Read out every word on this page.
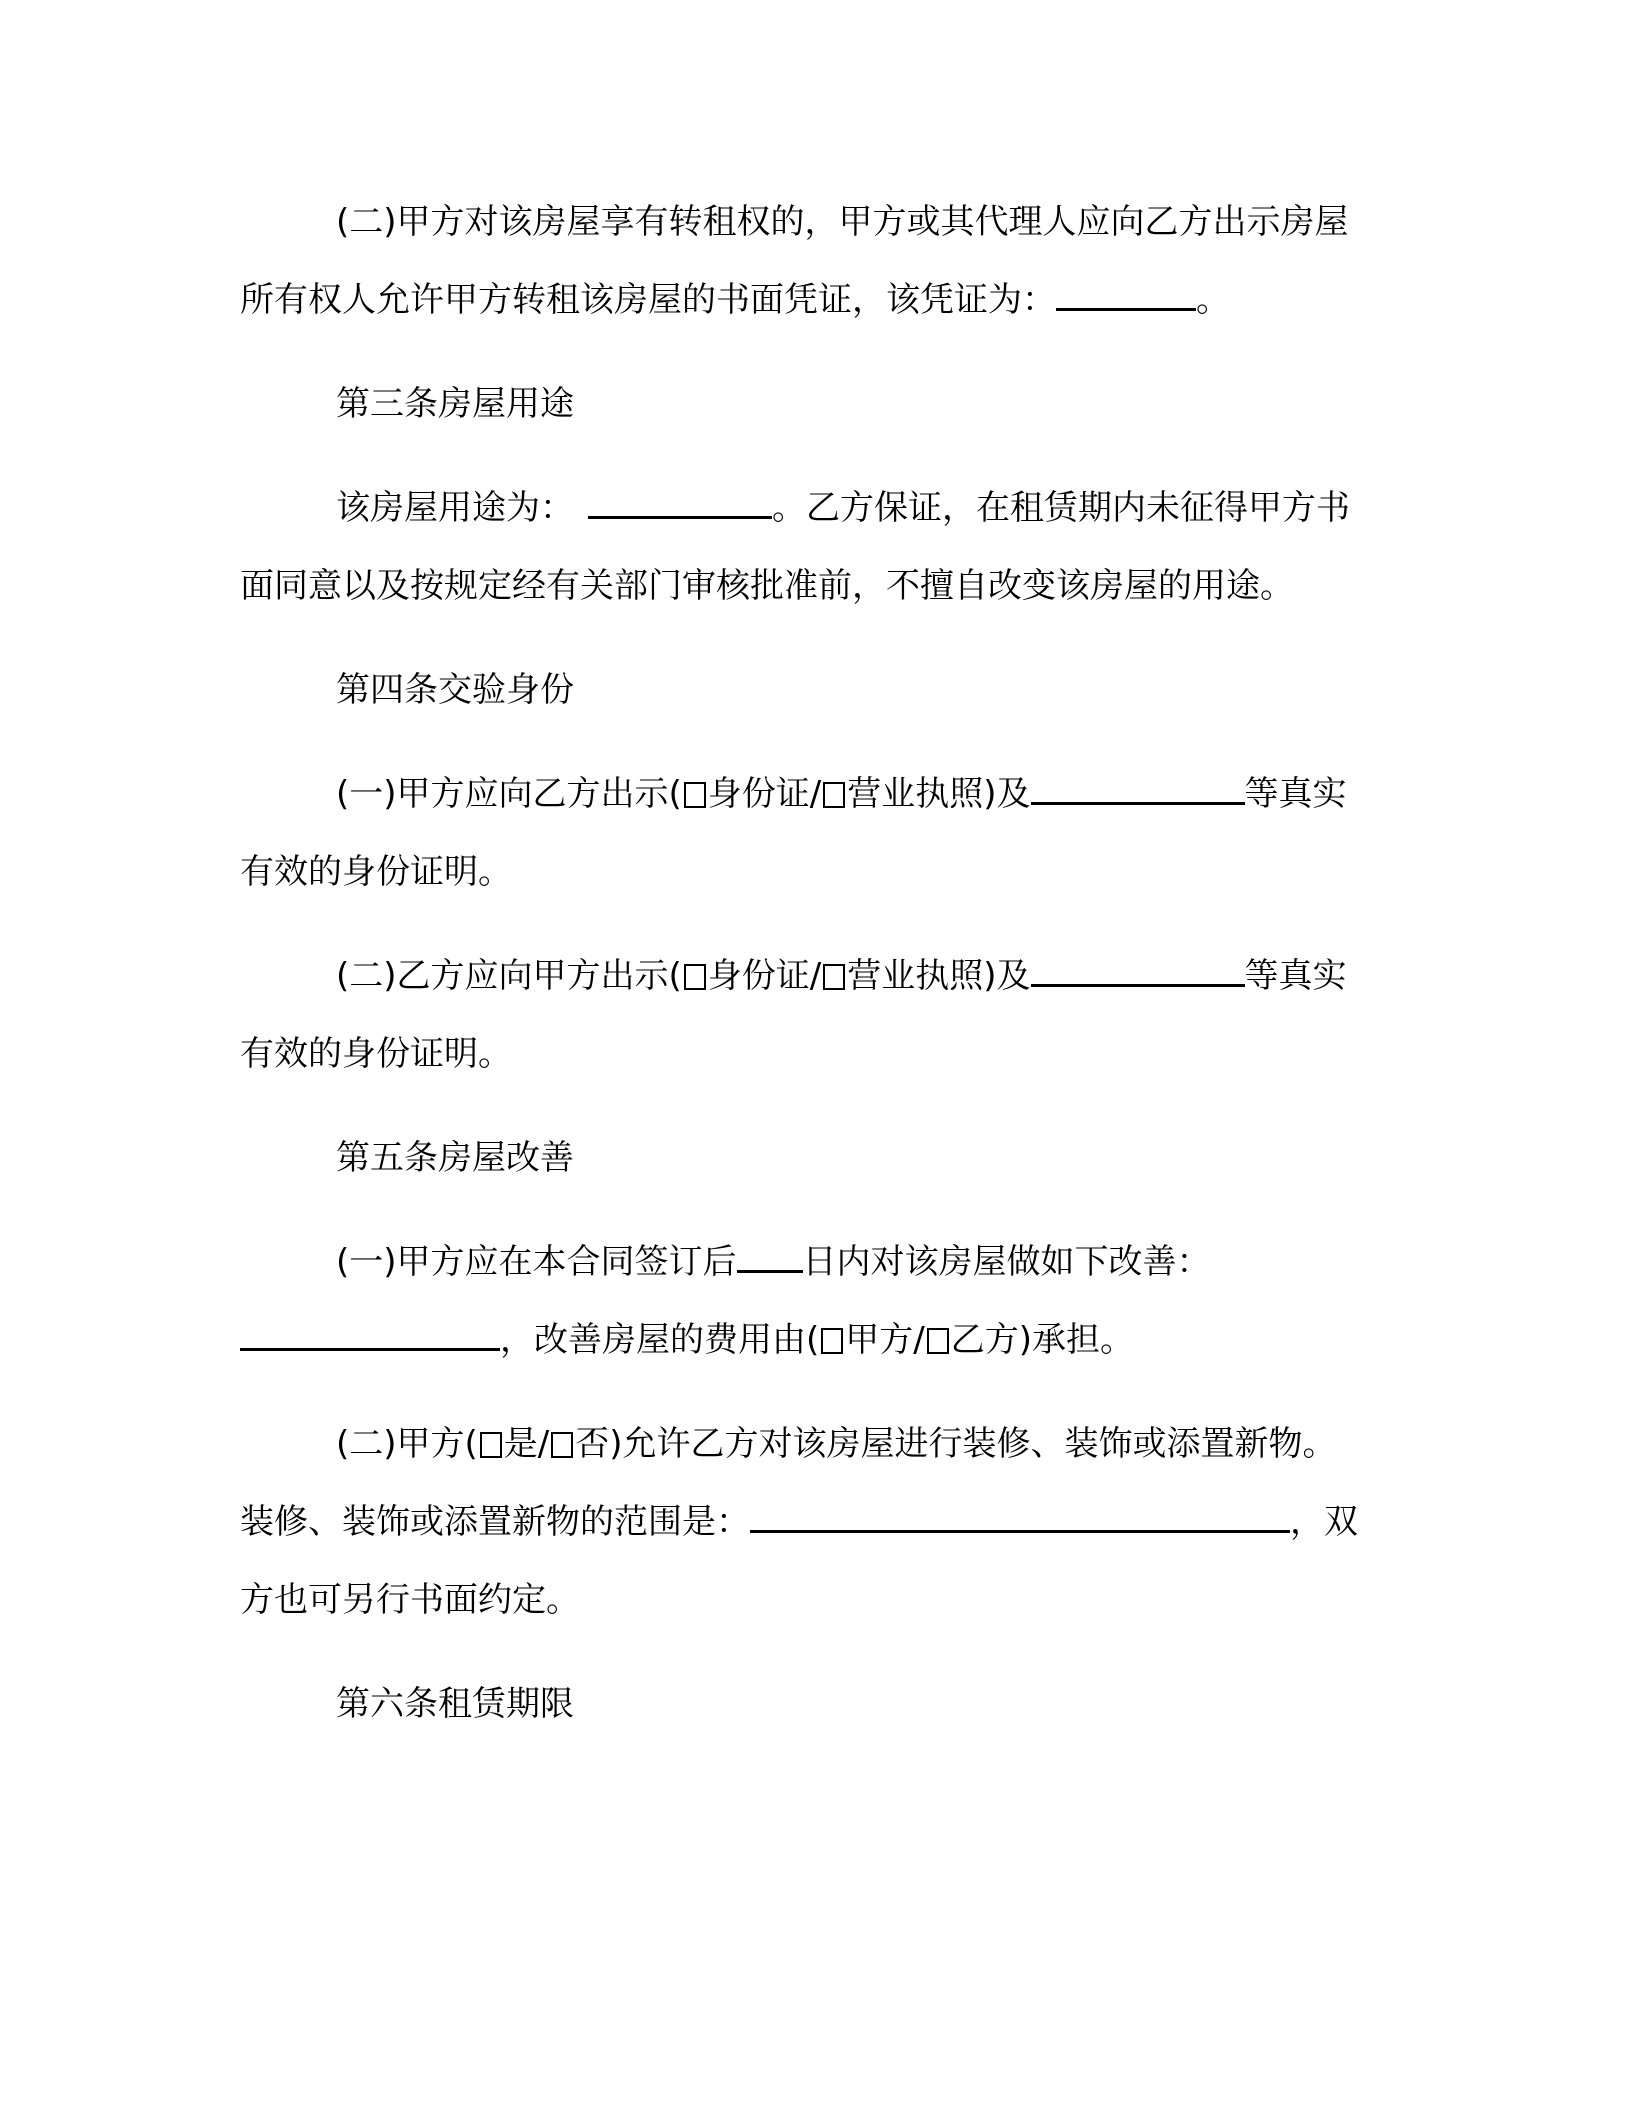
(二)甲方对该房屋享有转租权的，甲方或其代理人应向乙方出示房屋所有权人允许甲方转租该房屋的书面凭证，该凭证为：	。

第三条房屋用途

该房屋用途为：	。乙方保证，在租赁期内未征得甲方书面同意以及按规定经有关部门审核批准前，不擅自改变该房屋的用途。

第四条交验身份

(一)甲方应向乙方出示( 身份证/ 营业执照)及	等真实有效的身份证明。

(二)乙方应向甲方出示( 身份证/ 营业执照)及	等真实有效的身份证明。

第五条房屋改善

(一)甲方应在本合同签订后 日内对该房屋做如下改善：，改善房屋的费用由( 甲方/ 乙方)承担。

(二)甲方( 是/ 否)允许乙方对该房屋进行装修、装饰或添置新物。装修、装饰或添置新物的范围是：	，双方也可另行书面约定。

第六条租赁期限
